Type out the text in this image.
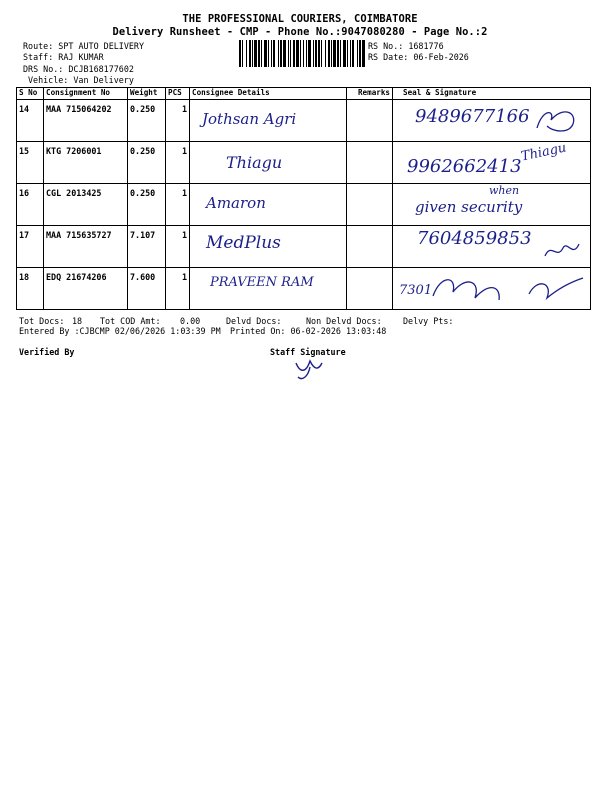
THE PROFESSIONAL COURIERS, COIMBATORE
Delivery Runsheet - CMP - Phone No.:9047080280 - Page No.:2
Route: SPT AUTO DELIVERY
Staff: RAJ KUMAR
DRS No.: DCJB168177602
Vehicle: Van Delivery
RS No.: 1681776
RS Date: 06-Feb-2026
S No	Consignment No	Weight	PCS	Consignee Details	Remarks	Seal & Signature

14	MAA 715064202	0.250	1	Jothsan Agri		9489677166

15	KTG 7206001	0.250	1	Thiagu		9962662413
Thiagu

16	CGL 2013425	0.250	1	Amaron		when
given security

17	MAA 715635727	7.107	1	MedPlus		7604859853

18	EDQ 21674206	7.600	1	PRAVEEN RAM		7301
Tot Docs: 18 Tot COD Amt: 0.00	Delvd Docs:	Non Delvd Docs:	Delvy Pts:
Entered By :CJBCMP 02/06/2026 1:03:39 PM Printed On: 06-02-2026 13:03:48
Verified By	Staff Signature
